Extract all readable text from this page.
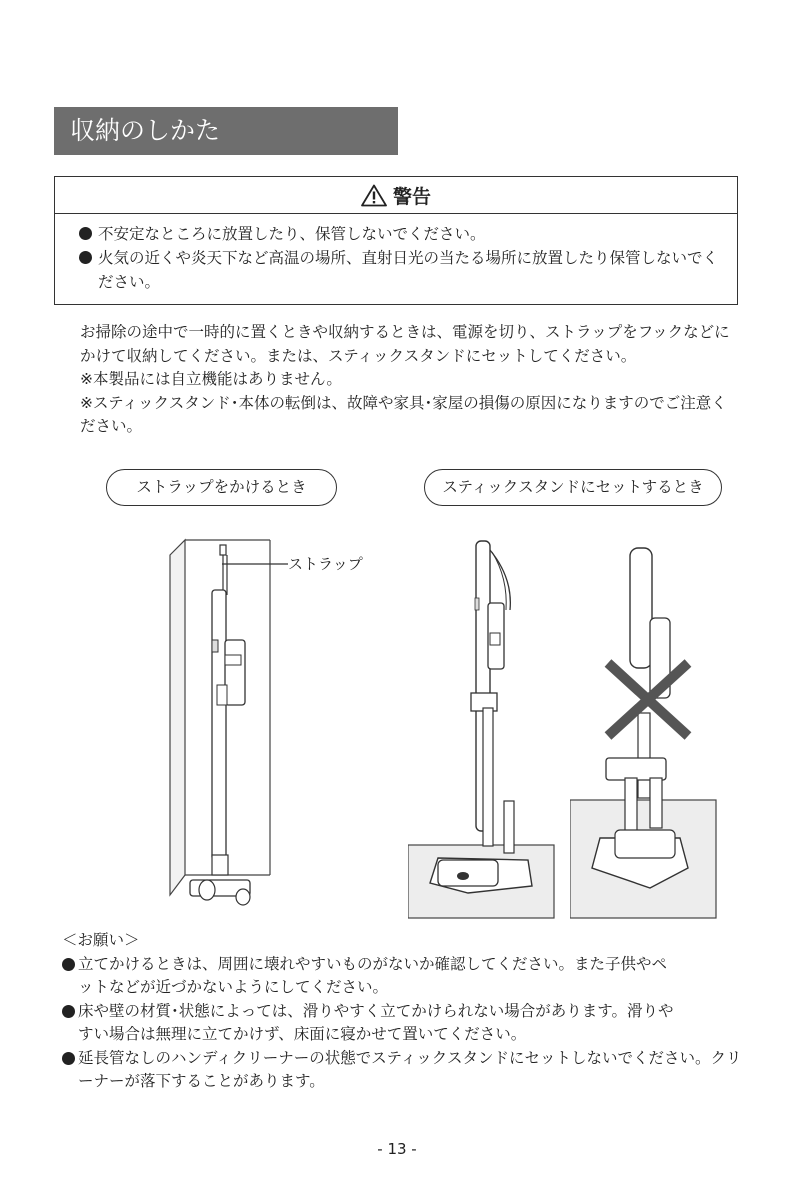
収納のしかた
警告
不安定なところに放置したり、保管しないでください。
火気の近くや炎天下など高温の場所、直射日光の当たる場所に放置したり保管しないでください。
お掃除の途中で一時的に置くときや収納するときは、電源を切り、ストラップをフックなどにかけて収納してください。または、スティックスタンドにセットしてください。
※本製品には自立機能はありません。
※スティックスタンド･本体の転倒は、故障や家具･家屋の損傷の原因になりますのでご注意ください。
ストラップをかけるとき	スティックスタンドにセットするとき
ストラップ
＜お願い＞
立てかけるときは、周囲に壊れやすいものがないか確認してください。また子供やペットなどが近づかないようにしてください。
床や壁の材質･状態によっては、滑りやすく立てかけられない場合があります。滑りやすい場合は無理に立てかけず、床面に寝かせて置いてください。
延長管なしのハンディクリーナーの状態でスティックスタンドにセットしないでください。クリーナーが落下することがあります。
- 13 -
